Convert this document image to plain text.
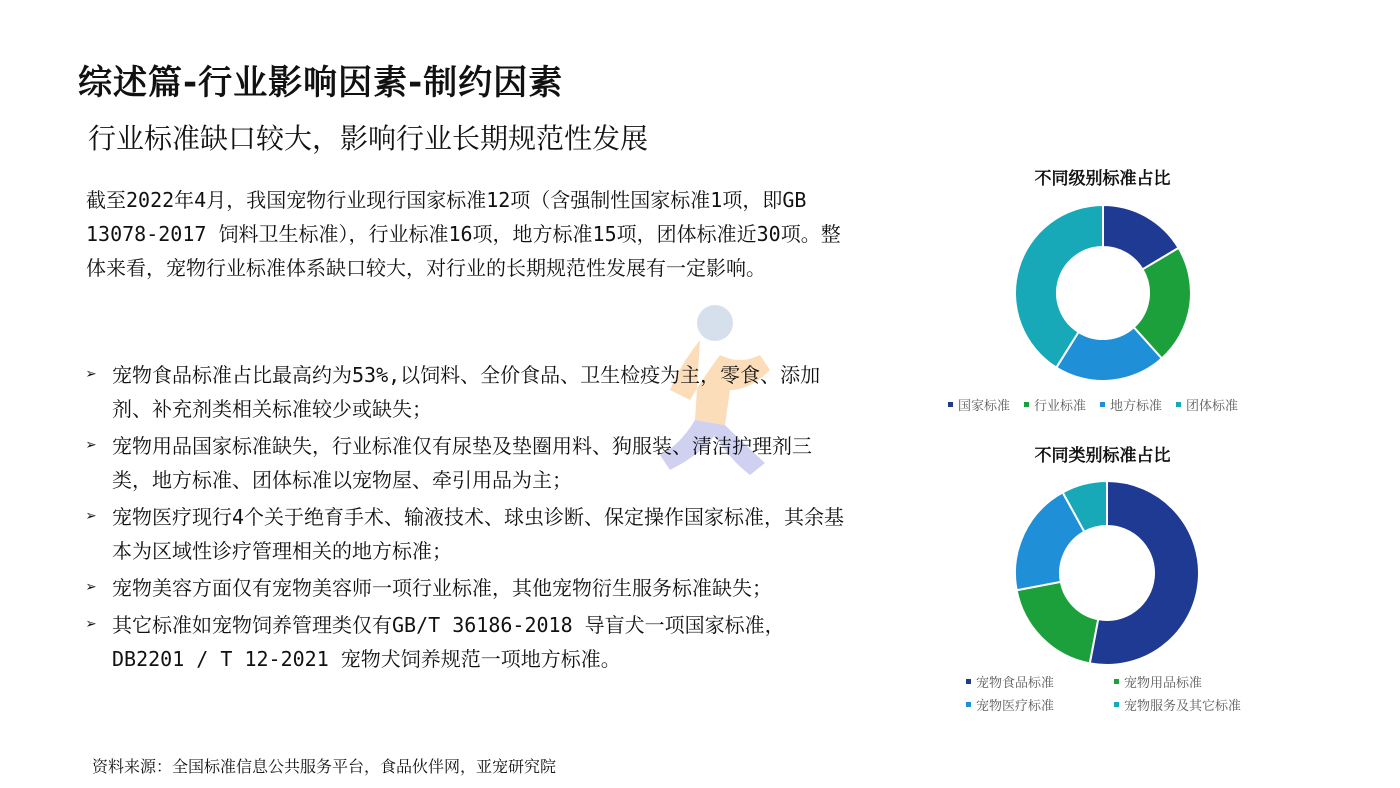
综述篇-行业影响因素-制约因素
行业标准缺口较大，影响行业长期规范性发展
截至2022年4月，我国宠物行业现行国家标准12项（含强制性国家标准1项，即GB 13078-2017 饲料卫生标准），行业标准16项，地方标准15项，团体标准近30项。整体来看，宠物行业标准体系缺口较大，对行业的长期规范性发展有一定影响。
➢ 宠物食品标准占比最高约为53%,以饲料、全价食品、卫生检疫为主，零食、添加剂、补充剂类相关标准较少或缺失；
➢ 宠物用品国家标准缺失，行业标准仅有尿垫及垫圈用料、狗服装、清洁护理剂三类，地方标准、团体标准以宠物屋、牵引用品为主；
➢ 宠物医疗现行4个关于绝育手术、输液技术、球虫诊断、保定操作国家标准，其余基本为区域性诊疗管理相关的地方标准；
➢ 宠物美容方面仅有宠物美容师一项行业标准，其他宠物衍生服务标准缺失；
➢ 其它标准如宠物饲养管理类仅有GB/T 36186-2018 导盲犬一项国家标准，DB2201 / T 12-2021 宠物犬饲养规范一项地方标准。
资料来源：全国标准信息公共服务平台，食品伙伴网，亚宠研究院
不同级别标准占比
国家标准 行业标准 地方标准 团体标准
不同类别标准占比
宠物食品标准	宠物用品标准
宠物医疗标准	宠物服务及其它标准
